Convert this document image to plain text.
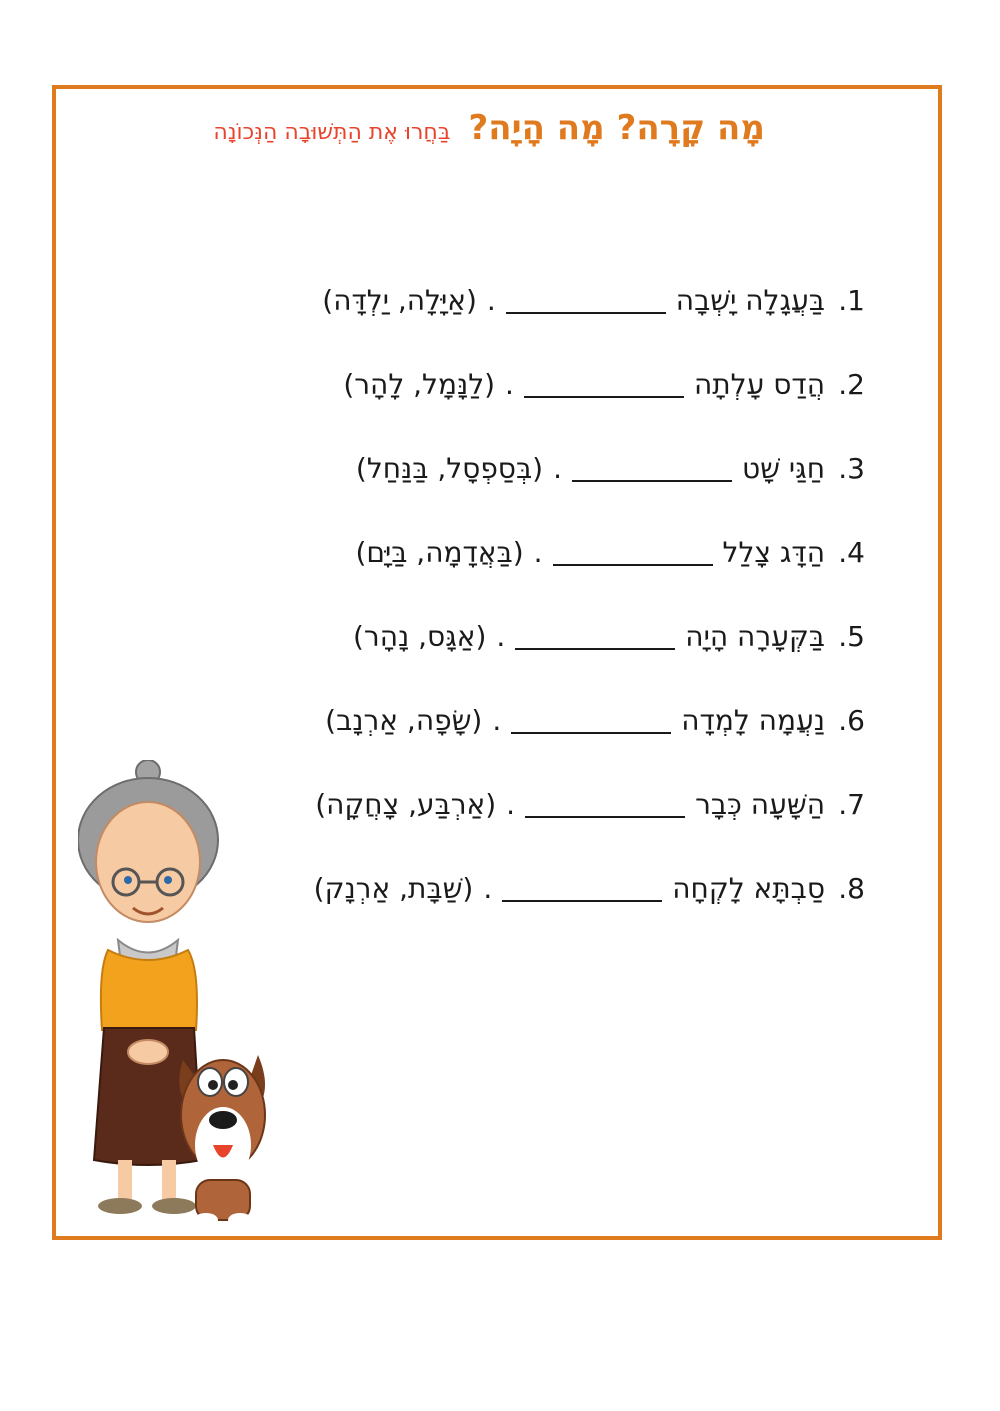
מָה קָרָה? מָה הָיָה?
בַּחֲרוּ אֶת הַתְּשׁוּבָה הַנְּכוֹנָה
1.
בַּעֲגָלָה יָשְׁבָה
.
(אַיָּלָה, יַלְדָּה)
2.
הֲדַס עָלְתָה
.
(לַנָּמָל, לָהָר)
3.
חַגַּי שָׁט
.
(בְּסַפְסָל, בַּנַּחַל)
4.
הַדָּג צָלַל
.
(בַּאֲדָמָה, בַּיָּם)
5.
בַּקְּעָרָה הָיָה
.
(אַגָּס, נָהָר)
6.
נַעֲמָה לָמְדָה
.
(שָׂפָה, אַרְנָב)
7.
הַשָּׁעָה כְּבָר
.
(אַרְבַּע, צָחֲקָה)
8.
סַבְתָּא לָקְחָה
.
(שַׁבָּת, אַרְנָק)
